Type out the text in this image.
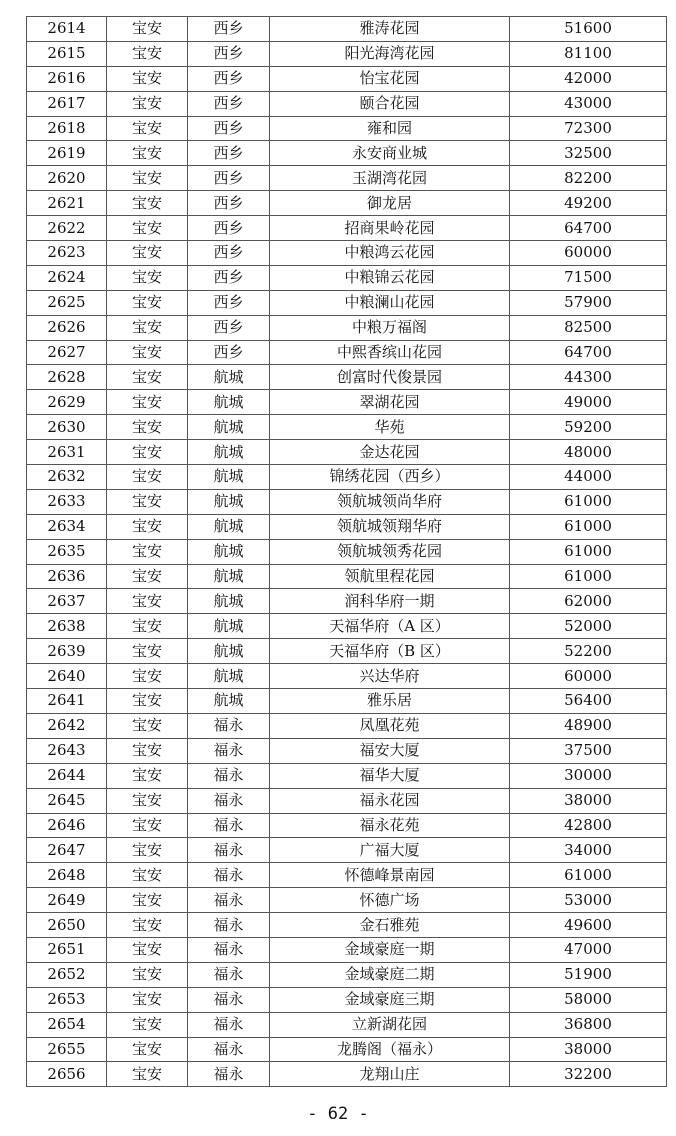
2614	宝安	西乡	雅涛花园	51600
2615	宝安	西乡	阳光海湾花园	81100
2616	宝安	西乡	怡宝花园	42000
2617	宝安	西乡	颐合花园	43000
2618	宝安	西乡	雍和园	72300
2619	宝安	西乡	永安商业城	32500
2620	宝安	西乡	玉湖湾花园	82200
2621	宝安	西乡	御龙居	49200
2622	宝安	西乡	招商果岭花园	64700
2623	宝安	西乡	中粮鸿云花园	60000
2624	宝安	西乡	中粮锦云花园	71500
2625	宝安	西乡	中粮澜山花园	57900
2626	宝安	西乡	中粮万福阁	82500
2627	宝安	西乡	中熙香缤山花园	64700
2628	宝安	航城	创富时代俊景园	44300
2629	宝安	航城	翠湖花园	49000
2630	宝安	航城	华苑	59200
2631	宝安	航城	金达花园	48000
2632	宝安	航城	锦绣花园（西乡）	44000
2633	宝安	航城	领航城领尚华府	61000
2634	宝安	航城	领航城领翔华府	61000
2635	宝安	航城	领航城领秀花园	61000
2636	宝安	航城	领航里程花园	61000
2637	宝安	航城	润科华府一期	62000
2638	宝安	航城	天福华府（A 区）	52000
2639	宝安	航城	天福华府（B 区）	52200
2640	宝安	航城	兴达华府	60000
2641	宝安	航城	雅乐居	56400
2642	宝安	福永	凤凰花苑	48900
2643	宝安	福永	福安大厦	37500
2644	宝安	福永	福华大厦	30000
2645	宝安	福永	福永花园	38000
2646	宝安	福永	福永花苑	42800
2647	宝安	福永	广福大厦	34000
2648	宝安	福永	怀德峰景南园	61000
2649	宝安	福永	怀德广场	53000
2650	宝安	福永	金石雅苑	49600
2651	宝安	福永	金域豪庭一期	47000
2652	宝安	福永	金域豪庭二期	51900
2653	宝安	福永	金域豪庭三期	58000
2654	宝安	福永	立新湖花园	36800
2655	宝安	福永	龙腾阁（福永）	38000
2656	宝安	福永	龙翔山庄	32200
- 62 -
